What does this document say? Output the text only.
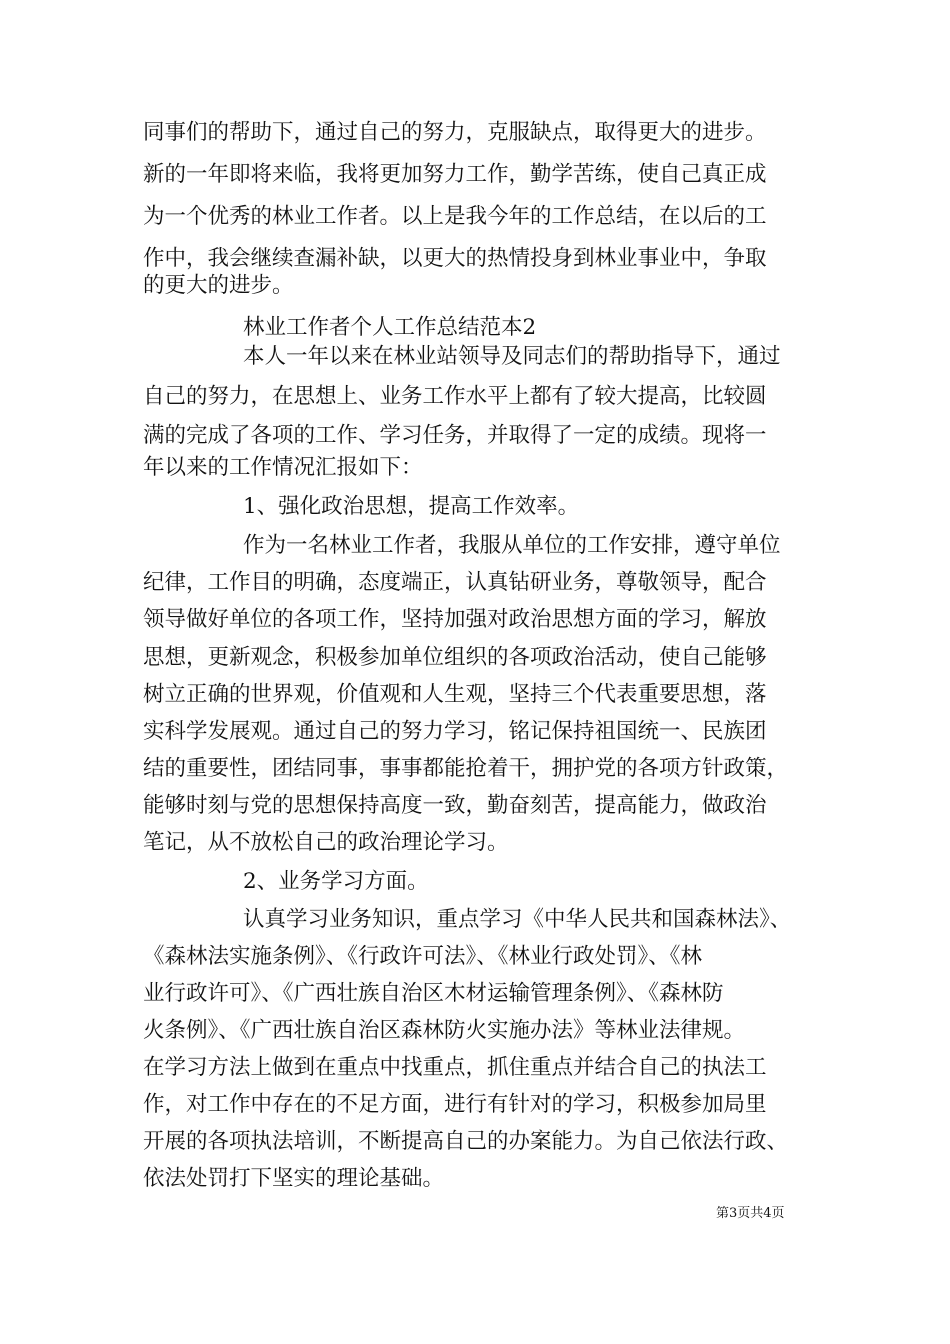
同事们的帮助下，通过自己的努力，克服缺点，取得更大的进步。
新的一年即将来临，我将更加努力工作，勤学苦练，使自己真正成
为一个优秀的林业工作者。以上是我今年的工作总结，在以后的工
作中，我会继续查漏补缺，以更大的热情投身到林业事业中，争取
的更大的进步。
林业工作者个人工作总结范本2
本人一年以来在林业站领导及同志们的帮助指导下，通过
自己的努力，在思想上、业务工作水平上都有了较大提高，比较圆
满的完成了各项的工作、学习任务，并取得了一定的成绩。现将一
年以来的工作情况汇报如下：
1、强化政治思想，提高工作效率。
作为一名林业工作者，我服从单位的工作安排，遵守单位
纪律，工作目的明确，态度端正，认真钻研业务，尊敬领导，配合
领导做好单位的各项工作，坚持加强对政治思想方面的学习，解放
思想，更新观念，积极参加单位组织的各项政治活动，使自己能够
树立正确的世界观，价值观和人生观，坚持三个代表重要思想，落
实科学发展观。通过自己的努力学习，铭记保持祖国统一、民族团
结的重要性，团结同事，事事都能抢着干，拥护党的各项方针政策，
能够时刻与党的思想保持高度一致，勤奋刻苦，提高能力，做政治
笔记，从不放松自己的政治理论学习。
2、业务学习方面。
认真学习业务知识，重点学习《中华人民共和国森林法》、
《森林法实施条例》、《行政许可法》、《林业行政处罚》、《林
业行政许可》、《广西壮族自治区木材运输管理条例》、《森林防
火条例》、《广西壮族自治区森林防火实施办法》等林业法律规。
在学习方法上做到在重点中找重点，抓住重点并结合自己的执法工
作，对工作中存在的不足方面，进行有针对的学习，积极参加局里
开展的各项执法培训，不断提高自己的办案能力。为自己依法行政、
依法处罚打下坚实的理论基础。
第3页共4页
